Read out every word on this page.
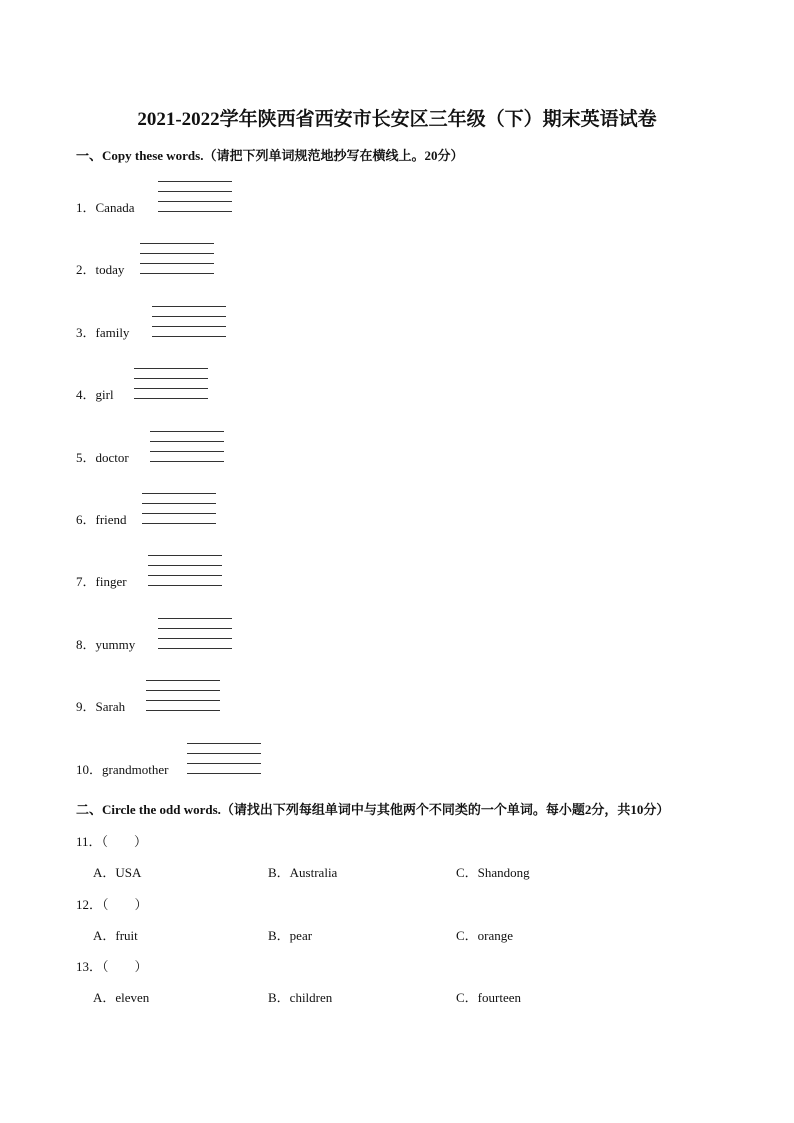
2021-2022学年陕西省西安市长安区三年级（下）期末英语试卷

一、Copy these words.（请把下列单词规范地抄写在横线上。20分）

1．Canada
2．today
3．family
4．girl
5．doctor
6．friend
7．finger
8．yummy
9．Sarah
10．grandmother

二、Circle the odd words.（请找出下列每组单词中与其他两个不同类的一个单词。每小题2分，共10分）

11．（　　）
A．USA	B．Australia	C．Shandong
12．（　　）
A．fruit	B．pear	C．orange
13．（　　）
A．eleven	B．children	C．fourteen
